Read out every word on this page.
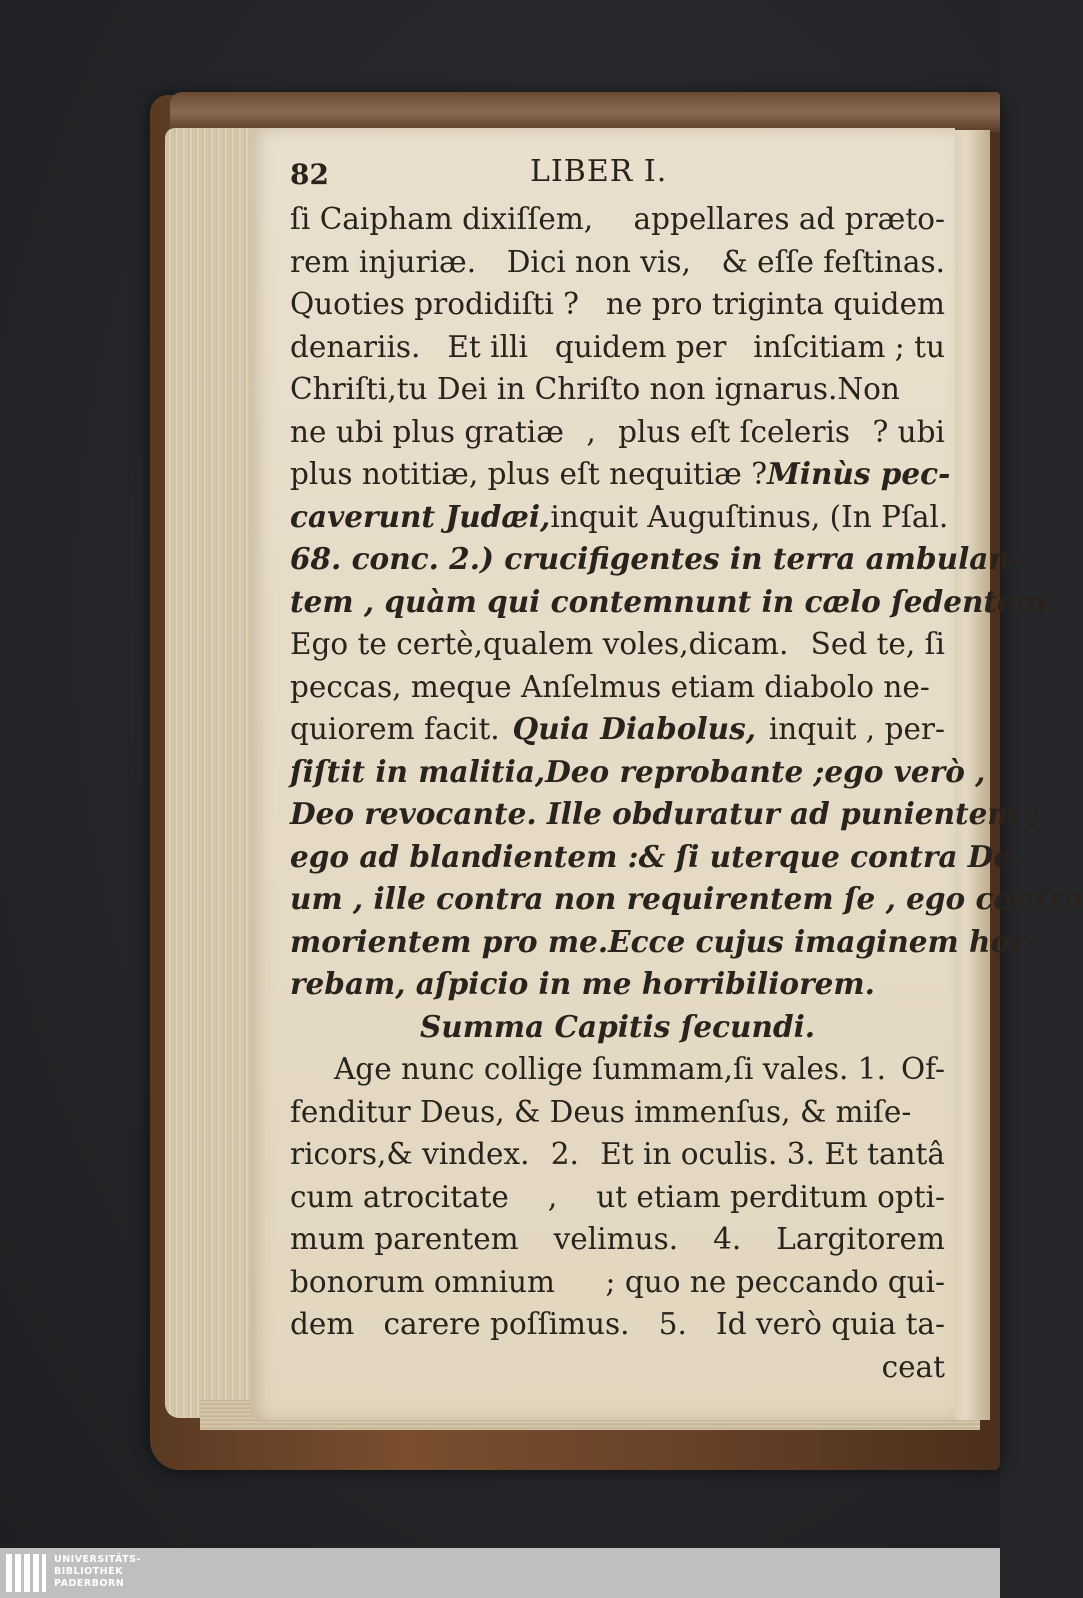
82	LIBER I.
ſi Caipham dixiſſem, appellares ad præto-
rem injuriæ. Dici non vis, & eſſe feſtinas.
Quoties prodidiſti ? ne pro triginta quidem
denariis. Et illi quidem per inſcitiam ; tu
Chriſti,tu Dei in Chriſto non ignarus.Non
ne ubi plus gratiæ , plus eſt ſceleris ? ubi
plus notitiæ, plus eſt nequitiæ ? Minùs pec-
caverunt Judæi, inquit Auguſtinus, (In Pſal.
68. conc. 2.) crucifigentes in terra ambulan-
tem , quàm qui contemnunt in cælo ſedentem.
Ego te certè,qualem voles,dicam. Sed te, ſi
peccas, meque Anſelmus etiam diabolo ne-
quiorem facit. Quia Diabolus, inquit , per-
ſiſtit in malitia, Deo reprobante ; ego verò ,
Deo revocante. Ille obduratur ad punientem ;
ego ad blandientem : & ſi uterque contra De-
um , ille contra non requirentem ſe , ego contra
morientem pro me. Ecce cujus imaginem hor-
rebam, aſpicio in me horribiliorem.
Summa Capitis ſecundi.
Age nunc collige ſummam,ſi vales. 1. Of-
fenditur Deus, & Deus immenſus, & miſe-
ricors,& vindex. 2. Et in oculis. 3. Et tantâ
cum atrocitate , ut etiam perditum opti-
mum parentem velimus. 4. Largitorem
bonorum omnium ; quo ne peccando qui-
dem carere poſſimus. 5. Id verò quia ta-
ceat
UNIVERSITÄTS-
BIBLIOTHEK
PADERBORN
